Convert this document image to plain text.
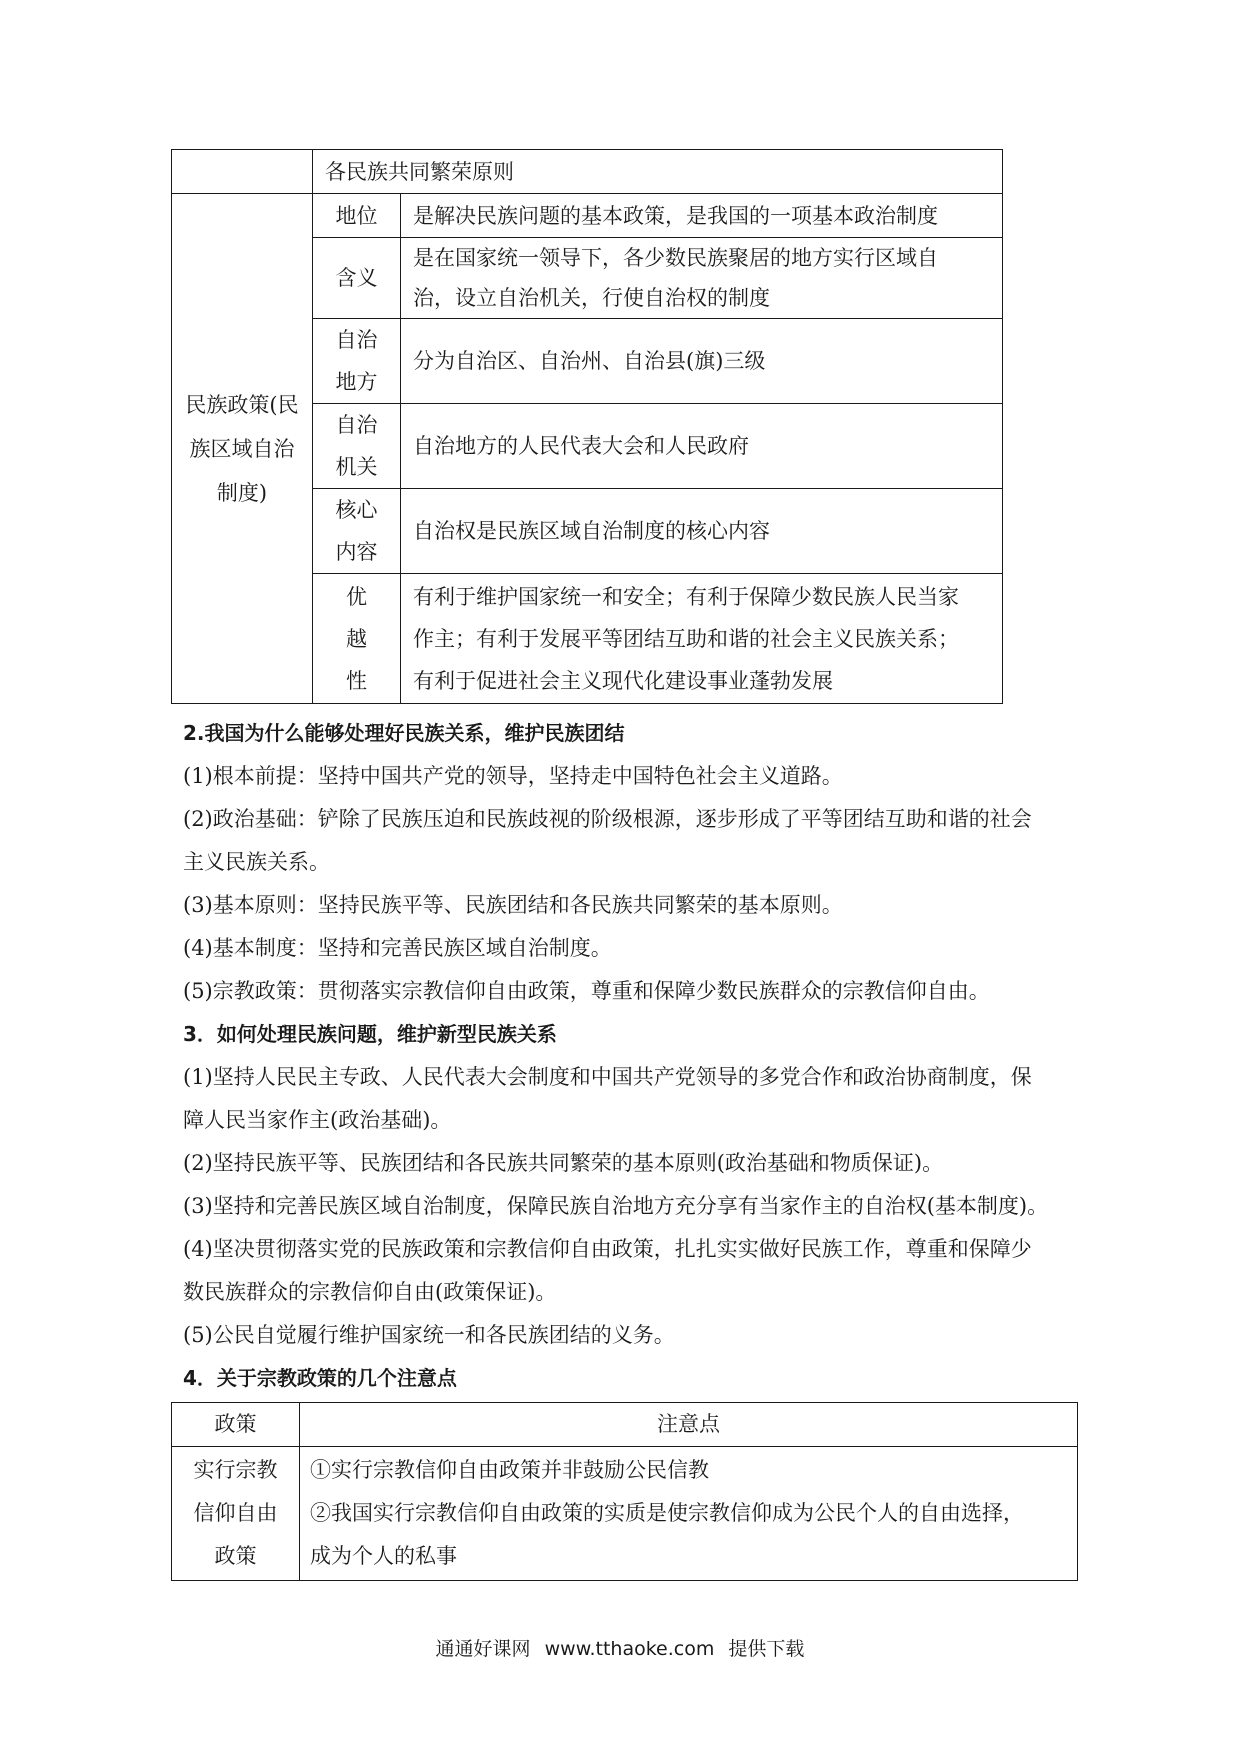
	各民族共同繁荣原则	

民族政策(民
族区域自治
制度)	地位	是解决民族问题的基本政策，是我国的一项基本政治制度

	含义	是在国家统一领导下，各少数民族聚居的地方实行区域自
治，设立自治机关，行使自治权的制度

	自治
地方	分为自治区、自治州、自治县(旗)三级

	自治
机关	自治地方的人民代表大会和人民政府

	核心
内容	自治权是民族区域自治制度的核心内容

	优
越
性	有利于维护国家统一和安全；有利于保障少数民族人民当家
作主；有利于发展平等团结互助和谐的社会主义民族关系；
有利于促进社会主义现代化建设事业蓬勃发展
2.我国为什么能够处理好民族关系，维护民族团结
(1)根本前提：坚持中国共产党的领导，坚持走中国特色社会主义道路。
(2)政治基础：铲除了民族压迫和民族歧视的阶级根源，逐步形成了平等团结互助和谐的社会
主义民族关系。
(3)基本原则：坚持民族平等、民族团结和各民族共同繁荣的基本原则。
(4)基本制度：坚持和完善民族区域自治制度。
(5)宗教政策：贯彻落实宗教信仰自由政策，尊重和保障少数民族群众的宗教信仰自由。
3．如何处理民族问题，维护新型民族关系
(1)坚持人民民主专政、人民代表大会制度和中国共产党领导的多党合作和政治协商制度，保
障人民当家作主(政治基础)。
(2)坚持民族平等、民族团结和各民族共同繁荣的基本原则(政治基础和物质保证)。
(3)坚持和完善民族区域自治制度，保障民族自治地方充分享有当家作主的自治权(基本制度)。
(4)坚决贯彻落实党的民族政策和宗教信仰自由政策，扎扎实实做好民族工作，尊重和保障少
数民族群众的宗教信仰自由(政策保证)。
(5)公民自觉履行维护国家统一和各民族团结的义务。
4．关于宗教政策的几个注意点
政策	注意点

实行宗教
信仰自由
政策	①实行宗教信仰自由政策并非鼓励公民信教
②我国实行宗教信仰自由政策的实质是使宗教信仰成为公民个人的自由选择，
成为个人的私事
通通好课网 www.tthaoke.com 提供下载
